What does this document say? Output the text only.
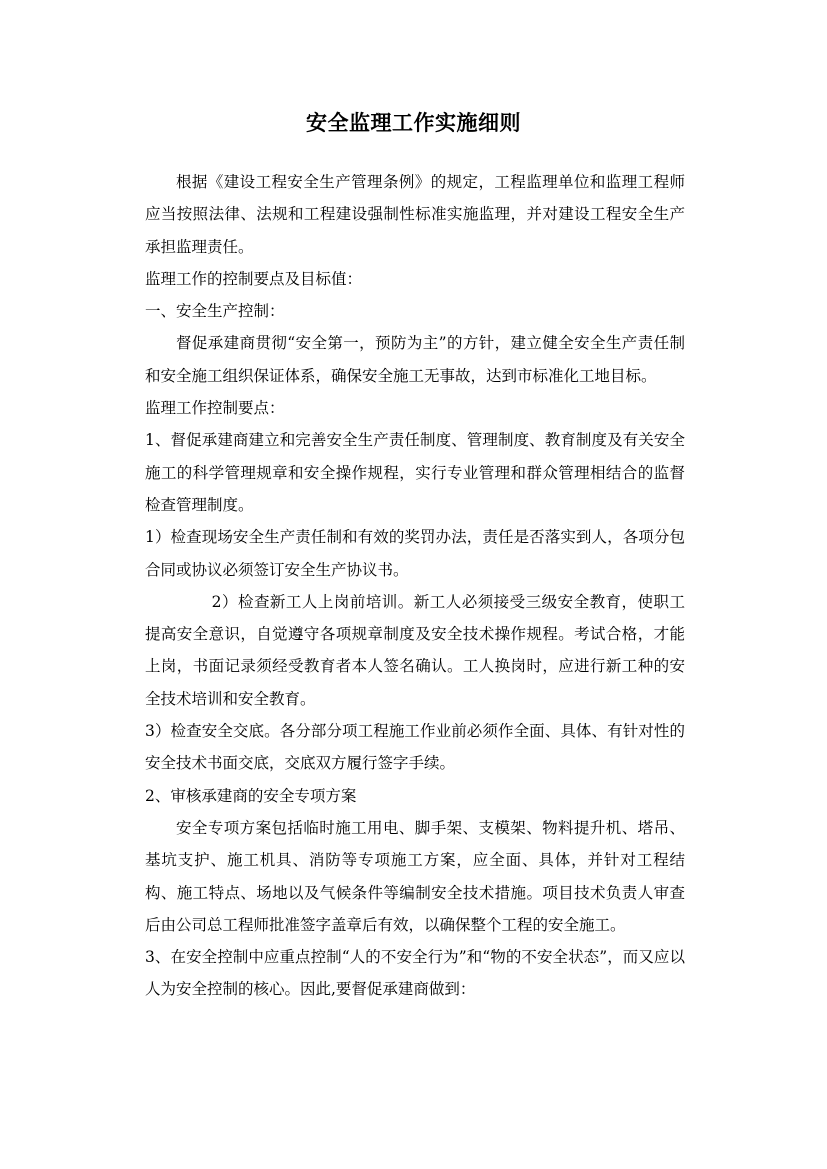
安全监理工作实施细则

根据《建设工程安全生产管理条例》的规定，工程监理单位和监理工程师应当按照法律、法规和工程建设强制性标准实施监理，并对建设工程安全生产承担监理责任。

监理工作的控制要点及目标值：

一、安全生产控制：

督促承建商贯彻“安全第一，预防为主”的方针，建立健全安全生产责任制和安全施工组织保证体系，确保安全施工无事故，达到市标准化工地目标。

监理工作控制要点：

1、督促承建商建立和完善安全生产责任制度、管理制度、教育制度及有关安全施工的科学管理规章和安全操作规程，实行专业管理和群众管理相结合的监督检查管理制度。

1）检查现场安全生产责任制和有效的奖罚办法，责任是否落实到人，各项分包合同或协议必须签订安全生产协议书。

2）检查新工人上岗前培训。新工人必须接受三级安全教育，使职工提高安全意识，自觉遵守各项规章制度及安全技术操作规程。考试合格，才能上岗，书面记录须经受教育者本人签名确认。工人换岗时，应进行新工种的安全技术培训和安全教育。

3）检查安全交底。各分部分项工程施工作业前必须作全面、具体、有针对性的安全技术书面交底，交底双方履行签字手续。

2、审核承建商的安全专项方案

安全专项方案包括临时施工用电、脚手架、支模架、物料提升机、塔吊、基坑支护、施工机具、消防等专项施工方案，应全面、具体，并针对工程结构、施工特点、场地以及气候条件等编制安全技术措施。项目技术负责人审查后由公司总工程师批准签字盖章后有效，以确保整个工程的安全施工。

3、在安全控制中应重点控制“人的不安全行为”和“物的不安全状态”，而又应以人为安全控制的核心。因此,要督促承建商做到：
